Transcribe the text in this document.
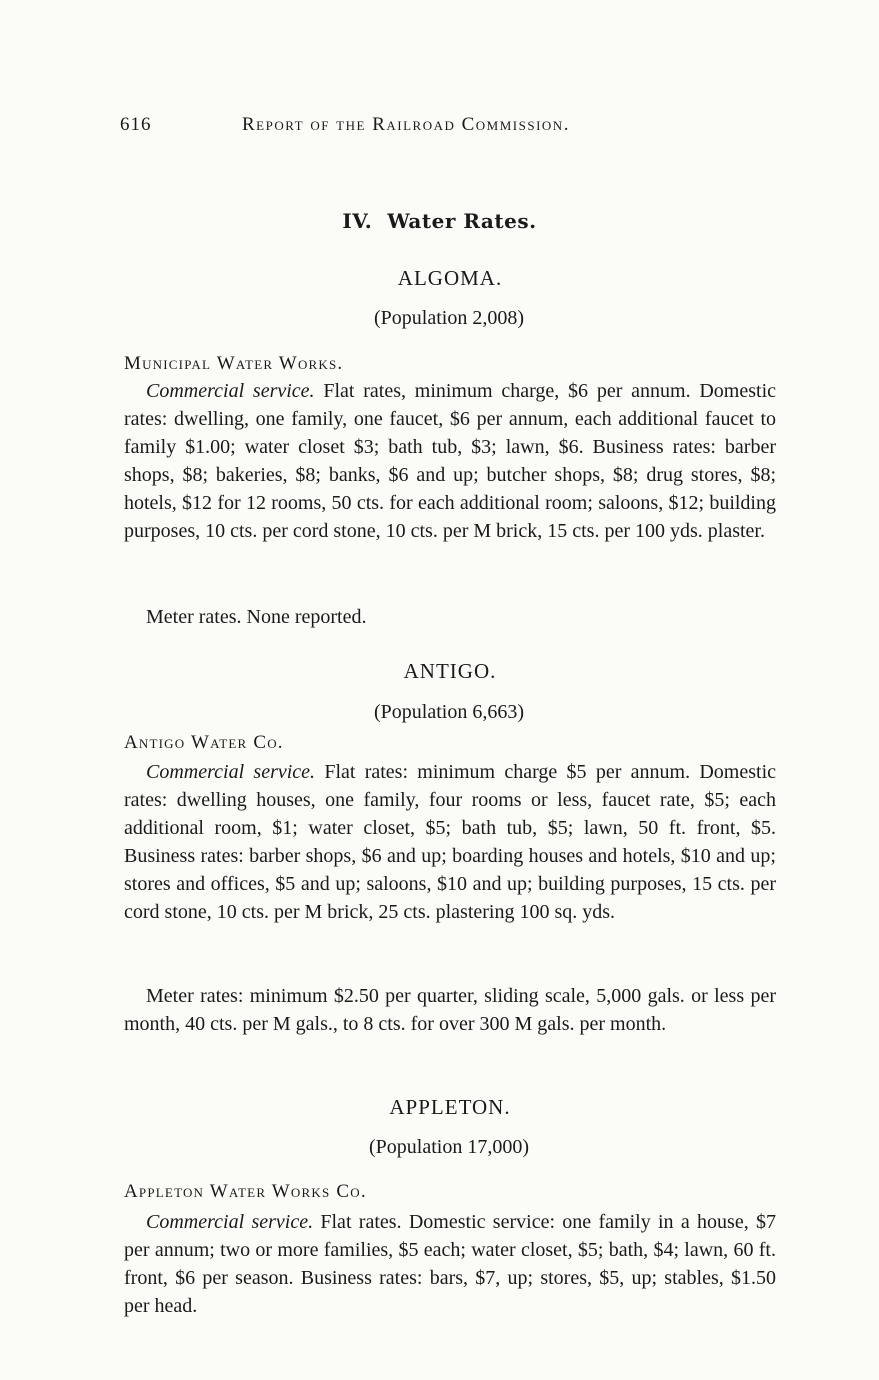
616	Report of the Railroad Commission.
IV.  Water Rates.
ALGOMA.
(Population 2,008)
Municipal Water Works.
Commercial service. Flat rates, minimum charge, $6 per annum. Domestic rates: dwelling, one family, one faucet, $6 per annum, each additional faucet to family $1.00; water closet $3; bath tub, $3; lawn, $6. Business rates: barber shops, $8; bakeries, $8; banks, $6 and up; butcher shops, $8; drug stores, $8; hotels, $12 for 12 rooms, 50 cts. for each additional room; saloons, $12; building purposes, 10 cts. per cord stone, 10 cts. per M brick, 15 cts. per 100 yds. plaster.
Meter rates. None reported.
ANTIGO.
(Population 6,663)
Antigo Water Co.
Commercial service. Flat rates: minimum charge $5 per annum. Domestic rates: dwelling houses, one family, four rooms or less, faucet rate, $5; each additional room, $1; water closet, $5; bath tub, $5; lawn, 50 ft. front, $5. Business rates: barber shops, $6 and up; boarding houses and hotels, $10 and up; stores and offices, $5 and up; saloons, $10 and up; building purposes, 15 cts. per cord stone, 10 cts. per M brick, 25 cts. plastering 100 sq. yds.
Meter rates: minimum $2.50 per quarter, sliding scale, 5,000 gals. or less per month, 40 cts. per M gals., to 8 cts. for over 300 M gals. per month.
APPLETON.
(Population 17,000)
Appleton Water Works Co.
Commercial service. Flat rates. Domestic service: one family in a house, $7 per annum; two or more families, $5 each; water closet, $5; bath, $4; lawn, 60 ft. front, $6 per season. Business rates: bars, $7, up; stores, $5, up; stables, $1.50 per head.
